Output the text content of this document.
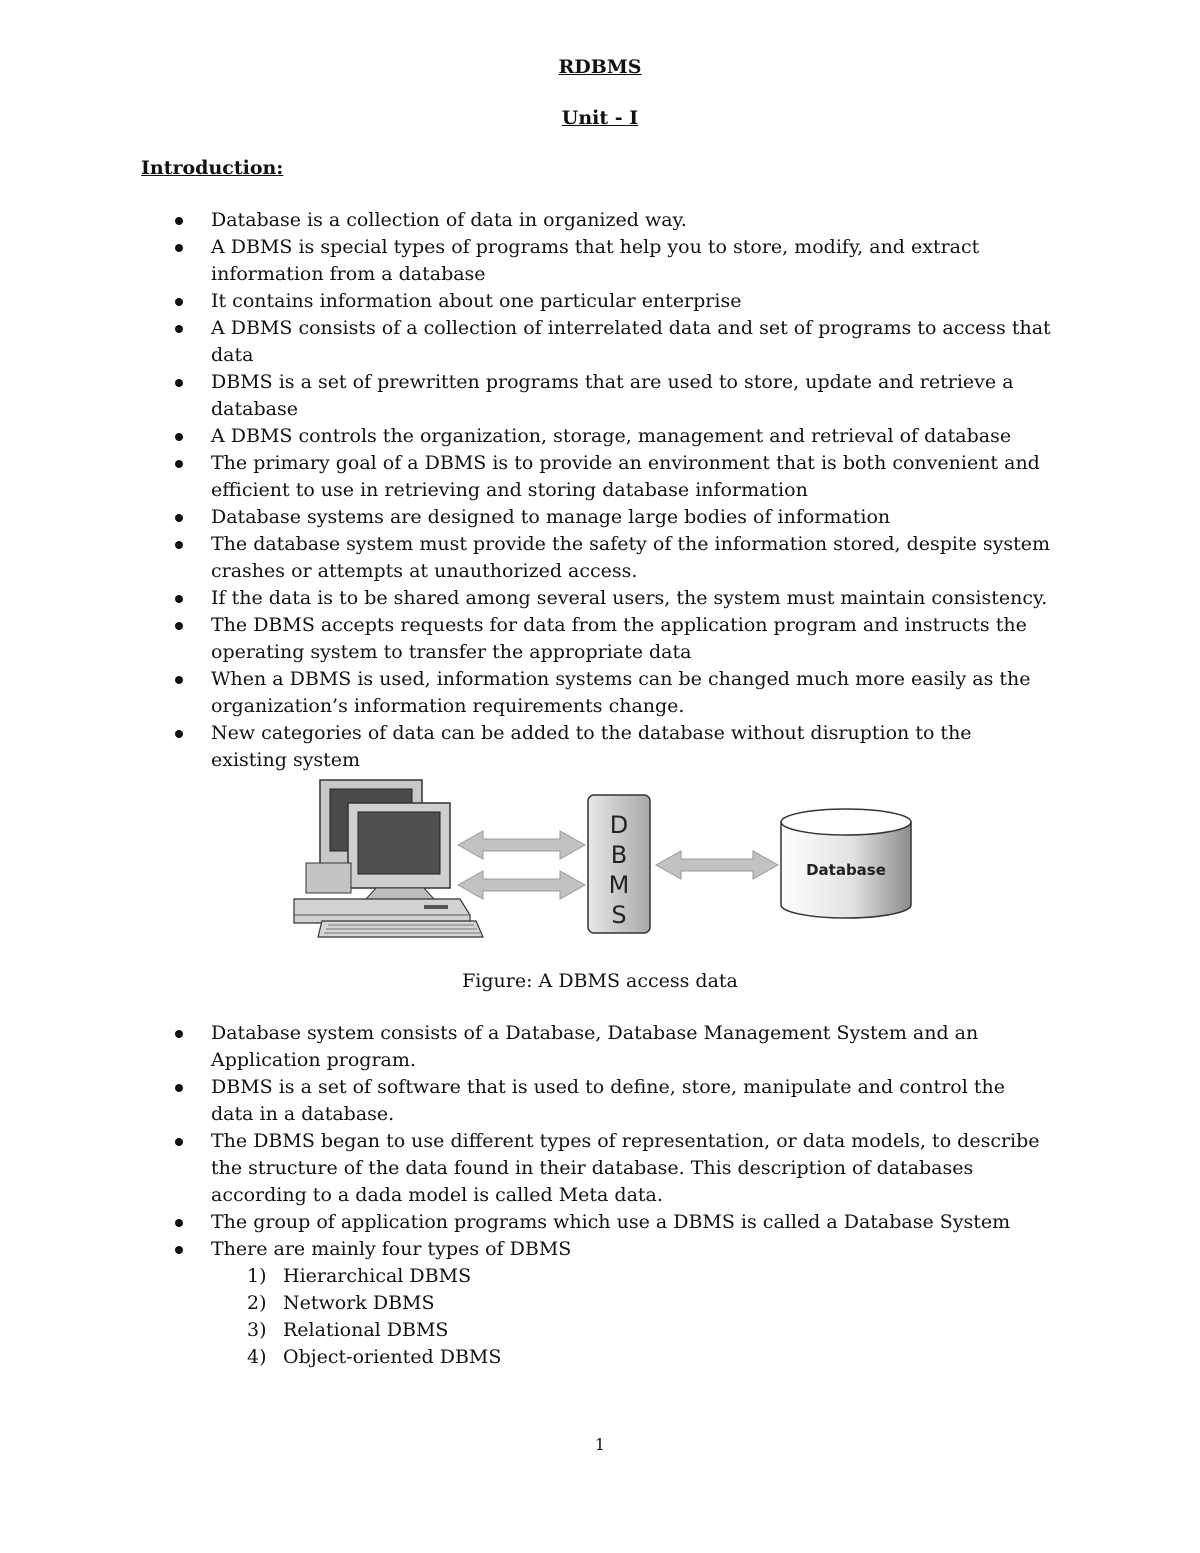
RDBMS
Unit - I
Introduction:
Database is a collection of data in organized way.
A DBMS is special types of programs that help you to store, modify, and extract information from a database
It contains information about one particular enterprise
A DBMS consists of a collection of interrelated data and set of programs to access that data
DBMS is a set of prewritten programs that are used to store, update and retrieve a database
A DBMS controls the organization, storage, management and retrieval of database
The primary goal of a DBMS is to provide an environment that is both convenient and efficient to use in retrieving and storing database information
Database systems are designed to manage large bodies of information
The database system must provide the safety of the information stored, despite system crashes or attempts at unauthorized access.
If the data is to be shared among several users, the system must maintain consistency.
The DBMS accepts requests for data from the application program and instructs the operating system to transfer the appropriate data
When a DBMS is used, information systems can be changed much more easily as the organization’s information requirements change.
New categories of data can be added to the database without disruption to the existing system
D
B
M
S
Database

Figure: A DBMS access data

Database system consists of a Database, Database Management System and an Application program.
DBMS is a set of software that is used to define, store, manipulate and control the data in a database.
The DBMS began to use different types of representation, or data models, to describe the structure of the data found in their database. This description of databases according to a dada model is called Meta data.
The group of application programs which use a DBMS is called a Database System
There are mainly four types of DBMS
1) Hierarchical DBMS
2) Network DBMS
3) Relational DBMS
4) Object-oriented DBMS

1
